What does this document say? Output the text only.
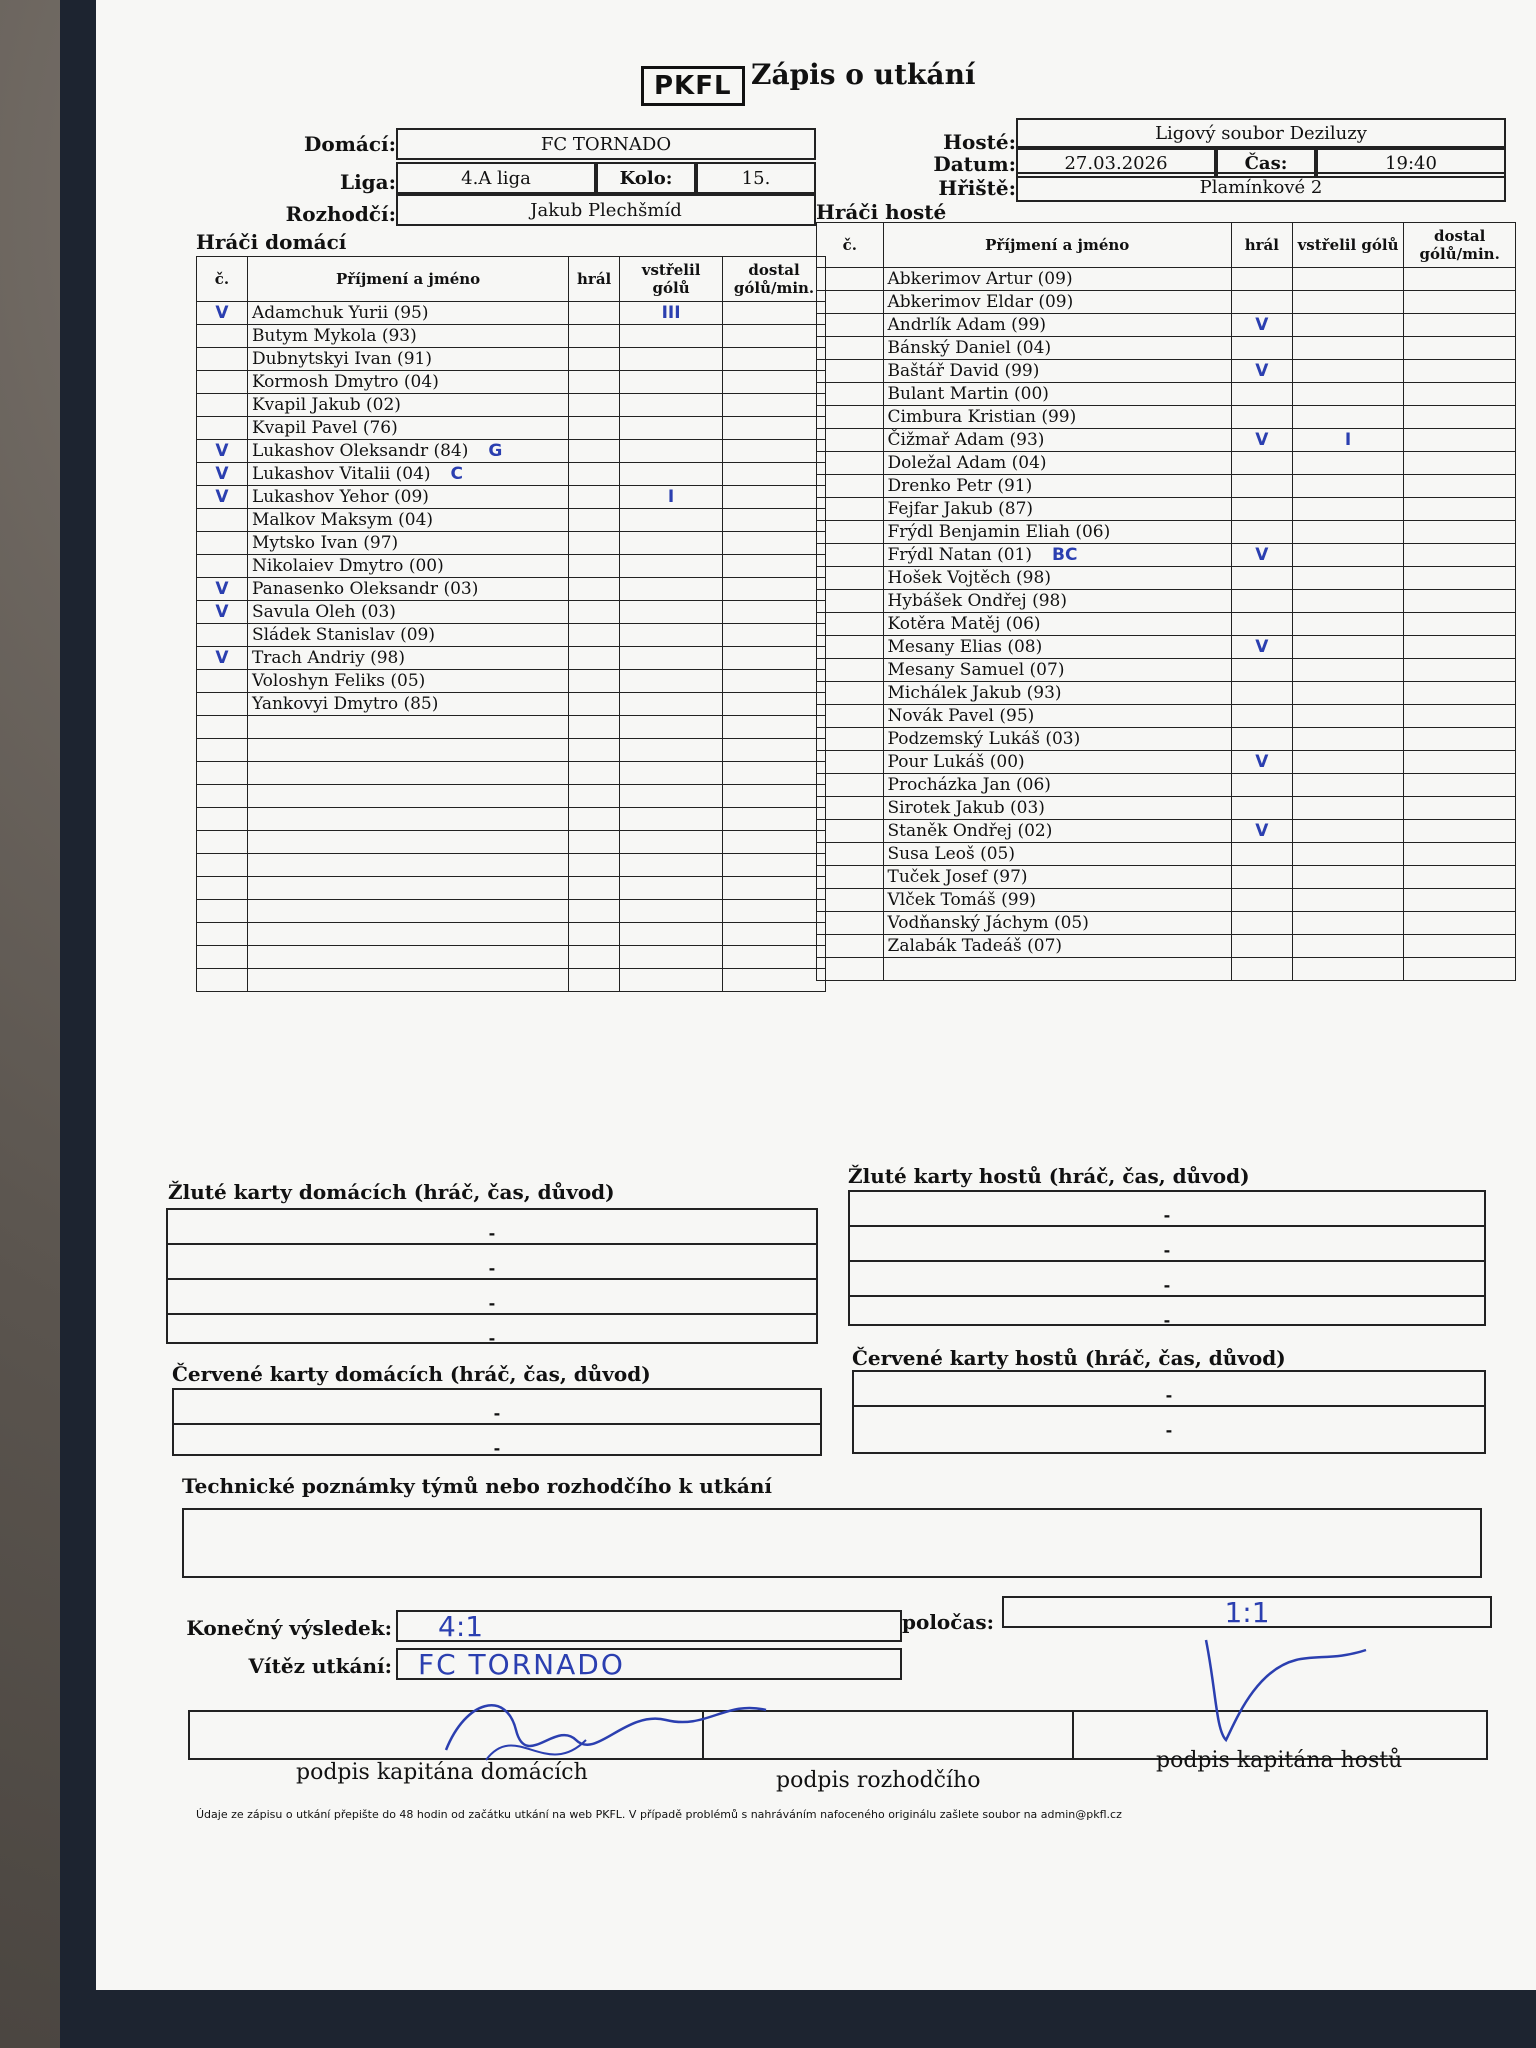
PKFL Zápis o utkání
Domácí:	FC TORNADO
Liga:	4.A liga	Kolo:	15.
Rozhodčí:	Jakub Plechšmíd
Hosté:	Ligový soubor Deziluzy
Datum:	27.03.2026	Čas:	19:40
Hřiště:	Plamínkové 2
Hráči domácí
č.	Příjmení a jméno	hrál	vstřelil gólů	dostal gólů/min.
V	Adamchuk Yurii (95)		III	
	Butym Mykola (93)			
	Dubnytskyi Ivan (91)			
	Kormosh Dmytro (04)			
	Kvapil Jakub (02)			
	Kvapil Pavel (76)			
V	Lukashov Oleksandr (84) G			
V	Lukashov Vitalii (04) C			
V	Lukashov Yehor (09)		I	
	Malkov Maksym (04)			
	Mytsko Ivan (97)			
	Nikolaiev Dmytro (00)			
V	Panasenko Oleksandr (03)			
V	Savula Oleh (03)			
	Sládek Stanislav (09)			
V	Trach Andriy (98)			
	Voloshyn Feliks (05)			
	Yankovyi Dmytro (85)			

Hráči hosté
č.	Příjmení a jméno	hrál	vstřelil gólů	dostal gólů/min.
	Abkerimov Artur (09)			
	Abkerimov Eldar (09)			
	Andrlík Adam (99)	V		
	Bánský Daniel (04)			
	Baštář David (99)	V		
	Bulant Martin (00)			
	Cimbura Kristian (99)			
	Čižmař Adam (93)	V	I	
	Doležal Adam (04)			
	Drenko Petr (91)			
	Fejfar Jakub (87)			
	Frýdl Benjamin Eliah (06)			
	Frýdl Natan (01) BC	V		
	Hošek Vojtěch (98)			
	Hybášek Ondřej (98)			
	Kotěra Matěj (06)			
	Mesany Elias (08)	V		
	Mesany Samuel (07)			
	Michálek Jakub (93)			
	Novák Pavel (95)			
	Podzemský Lukáš (03)			
	Pour Lukáš (00)	V		
	Procházka Jan (06)			
	Sirotek Jakub (03)			
	Staněk Ondřej (02)	V		
	Susa Leoš (05)			
	Tuček Josef (97)			
	Vlček Tomáš (99)			
	Vodňanský Jáchym (05)			
	Zalabák Tadeáš (07)			

Žluté karty domácích (hráč, čas, důvod)
-
-
-
-
Žluté karty hostů (hráč, čas, důvod)
-
-
-
-
Červené karty domácích (hráč, čas, důvod)
-
-
Červené karty hostů (hráč, čas, důvod)
-
-
Technické poznámky týmů nebo rozhodčího k utkání
Konečný výsledek: 4:1	poločas:	1:1
Vítěz utkání: FC TORNADO
podpis kapitána domácích	podpis rozhodčího
podpis kapitána hostů
Údaje ze zápisu o utkání přepište do 48 hodin od začátku utkání na web PKFL. V případě problémů s nahráváním nafoceného originálu zašlete soubor na admin@pkfl.cz
